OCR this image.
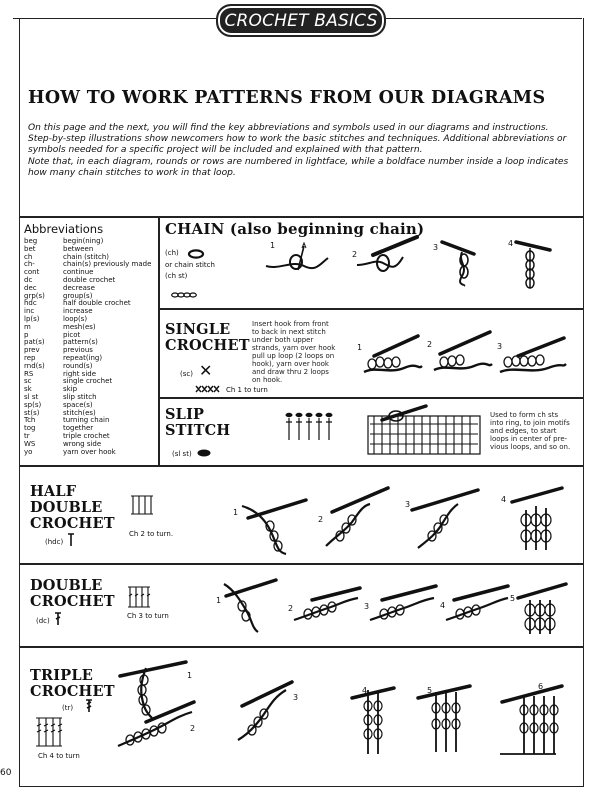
CROCHET BASICS
HOW TO WORK PATTERNS FROM OUR DIAGRAMS
On this page and the next, you will find the key abbreviations and symbols used in our diagrams and instructions.
Step-by-step illustrations show newcomers how to work the basic stitches and techniques. Additional abbreviations or
symbols needed for a specific project will be included and explained with that pattern.
Note that, in each diagram, rounds or rows are numbered in lightface, while a boldface number inside a loop indicates
how many chain stitches to work in that loop.
Abbreviations
beg	begin(ning)
bet	between
ch	chain (stitch)
ch-	chain(s) previously made
cont	continue
dc	double crochet
dec	decrease
grp(s)	group(s)
hdc	half double crochet
inc	increase
lp(s)	loop(s)
m	mesh(es)
p	picot
pat(s)	pattern(s)
prev	previous
rep	repeat(ing)
rnd(s)	round(s)
RS	right side
sc	single crochet
sk	skip
sl st	slip stitch
sp(s)	space(s)
st(s)	stitch(es)
Tch	turning chain
tog	together
tr	triple crochet
WS	wrong side
yo	yarn over hook
CHAIN (also beginning chain)
(ch)
or chain stitch
(ch st)
1
2
3	4
SINGLE
CROCHET
(sc) ✕
Ch 1 to turn
Insert hook from front
to back in next stitch
under both upper
strands, yarn over hook
pull up loop (2 loops on
hook), yarn over hook
and draw thru 2 loops
on hook.
1	2	3
SLIP
STITCH
(sl st)
Used to form ch sts
into ring, to join motifs
and edges, to start
loops in center of pre-
vious loops, and so on.
HALF
DOUBLE
CROCHET
(hdc)
Ch 2 to turn.
1
2
3
4
DOUBLE
CROCHET
(dc)
Ch 3 to turn
1
2	3	4
5
TRIPLE
CROCHET
(tr)
Ch 4 to turn
1
2
3
4	5	6
60
